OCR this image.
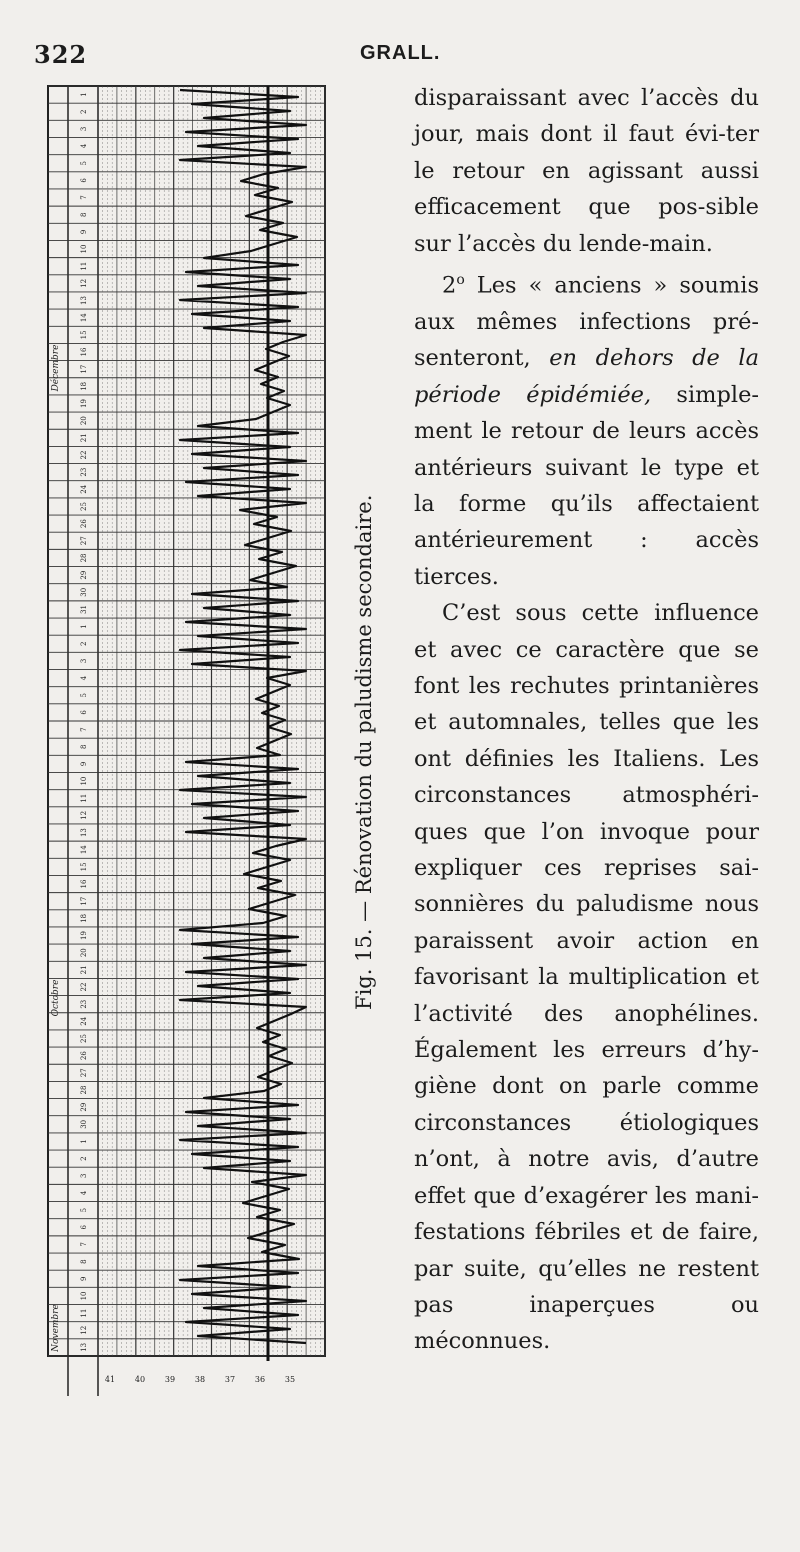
322	GRALL.
1
2
3
4
5
6
7
8
9
10
11
12
13
14
15
16
17
18
19
20
21
22
23
24
25
26
27
28
29
30
31
1
2
3
4
5
6
7
8
9
10
11
12
13
14
15
16
17
18
19
20
21
22
23
24
25
26
27
28
29
30
1
2
3
4
5
6
7
8
9
10
11
12
13
Novembre
Octobre
Décembre
41 40 39 38 37 36 35
Fig. 15. — Rénovation du paludisme secondaire.

disparaissant avec l’accès du jour, mais dont il faut évi-ter le retour en agissant aussi efficacement que pos-sible sur l’accès du lende-main.

2$^o$ Les « anciens » soumis aux mêmes infections pré-senteront, en dehors de la période épidémiée, simple-ment le retour de leurs accès antérieurs suivant le type et la forme qu’ils affectaient antérieurement : accès tierces.

C’est sous cette influence et avec ce caractère que se font les rechutes printanières et automnales, telles que les ont définies les Italiens. Les circonstances atmosphéri-ques que l’on invoque pour expliquer ces reprises sai-sonnières du paludisme nous paraissent avoir action en favorisant la multiplication et l’activité des anophélines. Également les erreurs d’hy-giène dont on parle comme circonstances étiologiques n’ont, à notre avis, d’autre effet que d’exagérer les mani-festations fébriles et de faire, par suite, qu’elles ne restent pas inaperçues ou méconnues.
